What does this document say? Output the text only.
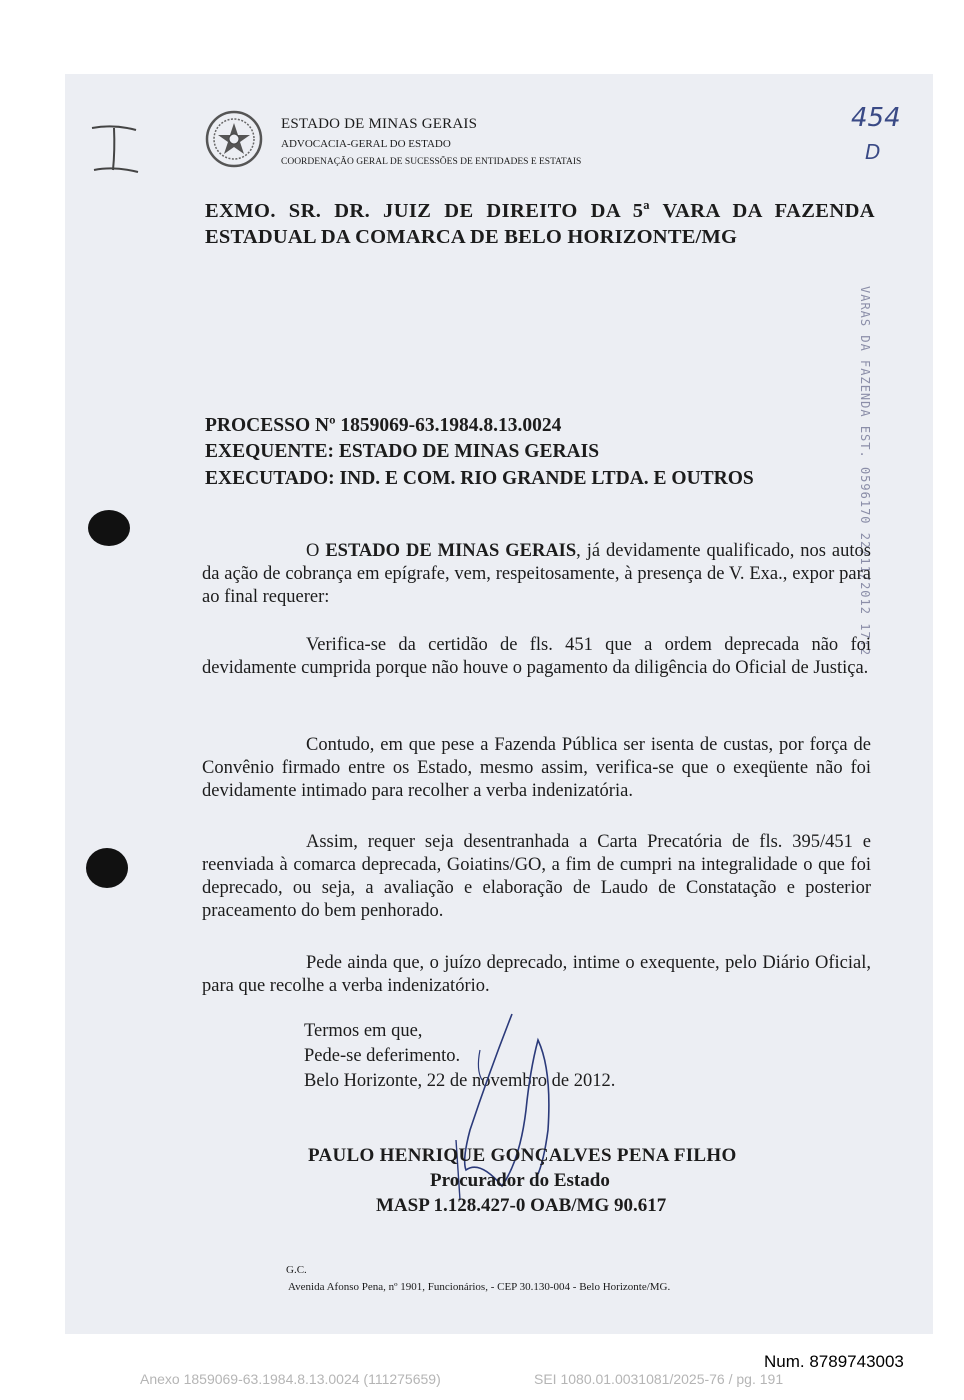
ESTADO DE MINAS GERAIS
ADVOCACIA-GERAL DO ESTADO
COORDENAÇÃO GERAL DE SUCESSÕES DE ENTIDADES E ESTATAIS
454
D
EXMO. SR. DR. JUIZ DE DIREITO DA 5ª VARA DA FAZENDA
ESTADUAL DA COMARCA DE BELO HORIZONTE/MG
VARAS DA FAZENDA EST. 0596170 22/11/2012 17:2
PROCESSO Nº 1859069-63.1984.8.13.0024
EXEQUENTE: ESTADO DE MINAS GERAIS
EXECUTADO: IND. E COM. RIO GRANDE LTDA. E OUTROS
O ESTADO DE MINAS GERAIS, já devidamente qualificado, nos autos da ação de cobrança em epígrafe, vem, respeitosamente, à presença de V. Exa., expor para ao final requerer:
Verifica-se da certidão de fls. 451 que a ordem deprecada não foi devidamente cumprida porque não houve o pagamento da diligência do Oficial de Justiça.
Contudo, em que pese a Fazenda Pública ser isenta de custas, por força de Convênio firmado entre os Estado, mesmo assim, verifica-se que o exeqüente não foi devidamente intimado para recolher a verba indenizatória.
Assim, requer seja desentranhada a Carta Precatória de fls. 395/451 e reenviada à comarca deprecada, Goiatins/GO, a fim de cumpri na integralidade o que foi deprecado, ou seja, a avaliação e elaboração de Laudo de Constatação e posterior praceamento do bem penhorado.
Pede ainda que, o juízo deprecado, intime o exequente, pelo Diário Oficial, para que recolhe a verba indenizatório.
Termos em que,
Pede-se deferimento.
Belo Horizonte, 22 de novembro de 2012.
PAULO HENRIQUE GONÇALVES PENA FILHO
Procurador do Estado
MASP 1.128.427-0 OAB/MG 90.617
G.C.
Avenida Afonso Pena, nº 1901, Funcionários, - CEP 30.130-004 - Belo Horizonte/MG.
Num. 8789743003
Anexo 1859069-63.1984.8.13.0024 (111275659)	SEI 1080.01.0031081/2025-76 / pg. 191
